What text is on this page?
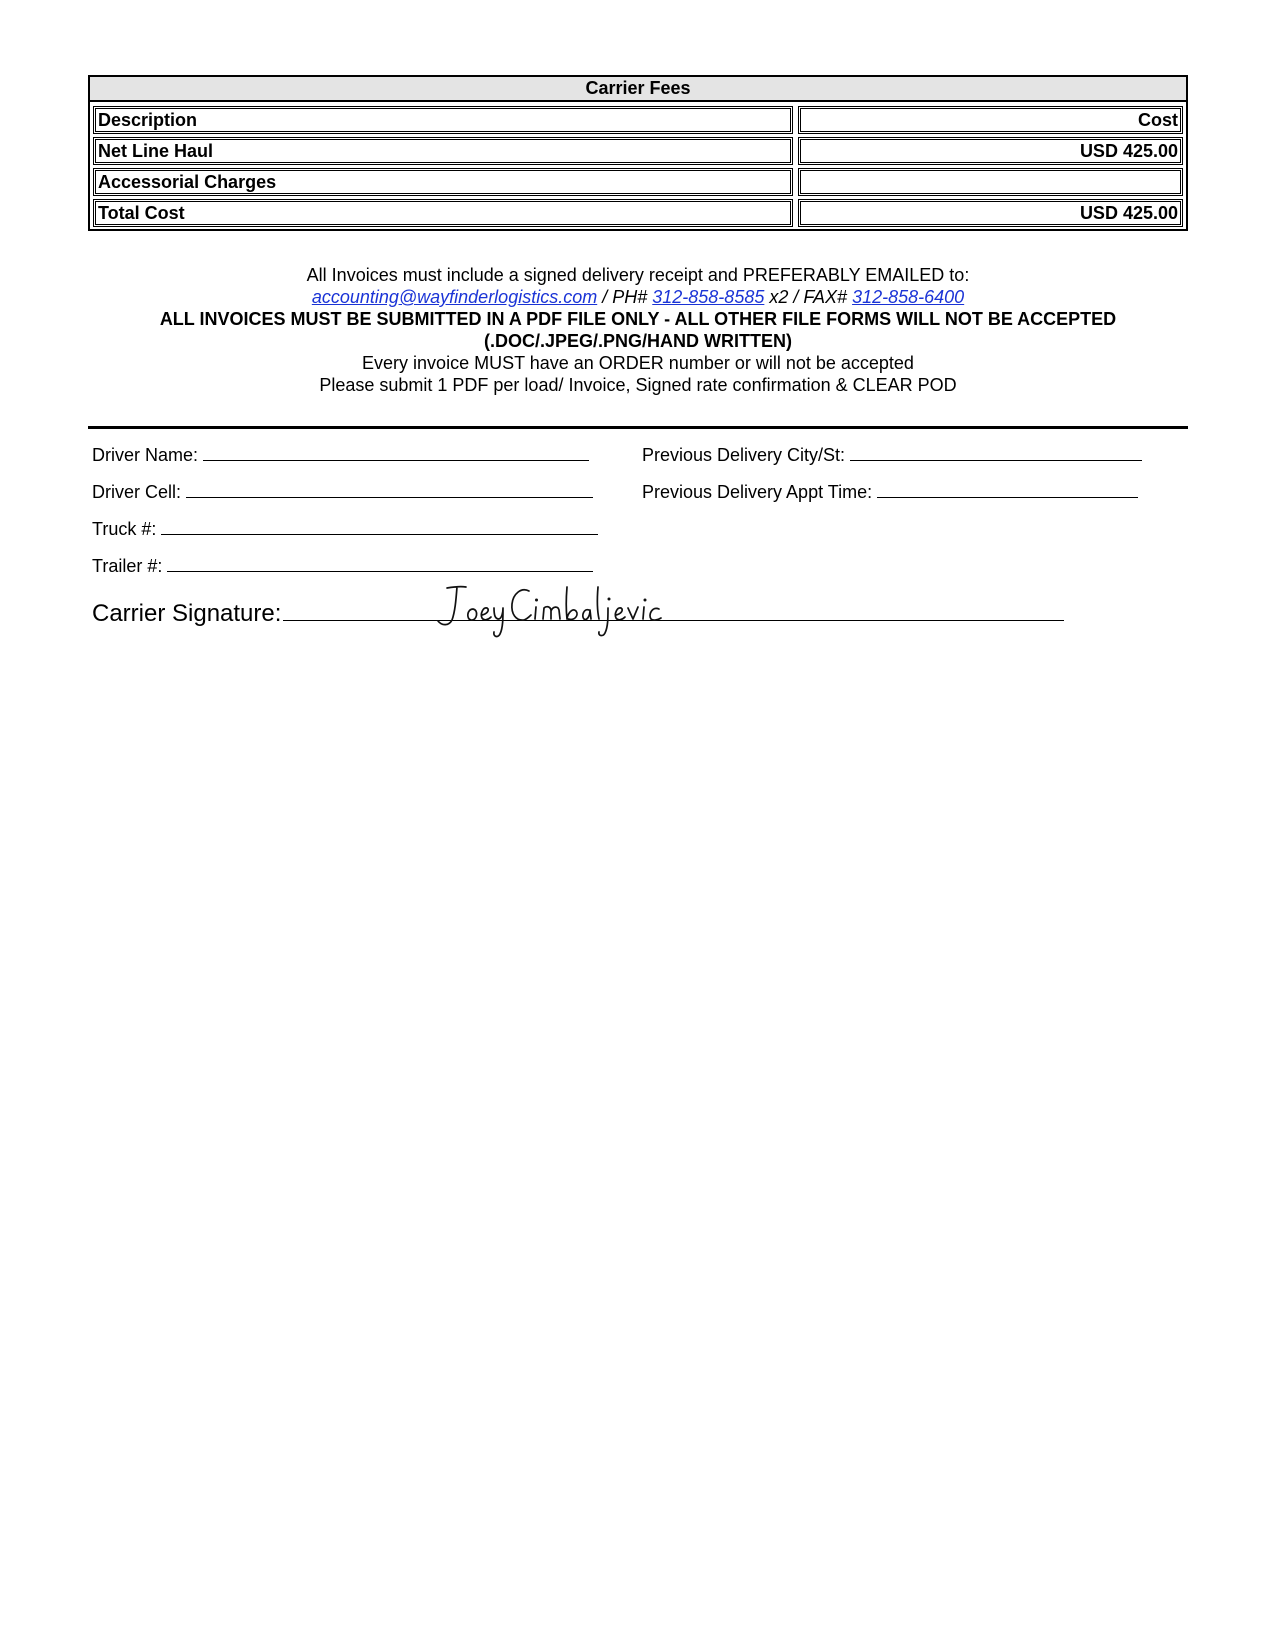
Carrier Fees
Description	Cost
Net Line Haul	USD 425.00
Accessorial Charges
Total Cost	USD 425.00
All Invoices must include a signed delivery receipt and PREFERABLY EMAILED to:
accounting@wayfinderlogistics.com / PH# 312-858-8585 x2 / FAX# 312-858-6400
ALL INVOICES MUST BE SUBMITTED IN A PDF FILE ONLY - ALL OTHER FILE FORMS WILL NOT BE ACCEPTED (.DOC/.JPEG/.PNG/HAND WRITTEN)
Every invoice MUST have an ORDER number or will not be accepted
Please submit 1 PDF per load/ Invoice, Signed rate confirmation & CLEAR POD
Driver Name:
Driver Cell:
Truck #:
Trailer #:
Previous Delivery City/St:
Previous Delivery Appt Time:
Carrier Signature:
